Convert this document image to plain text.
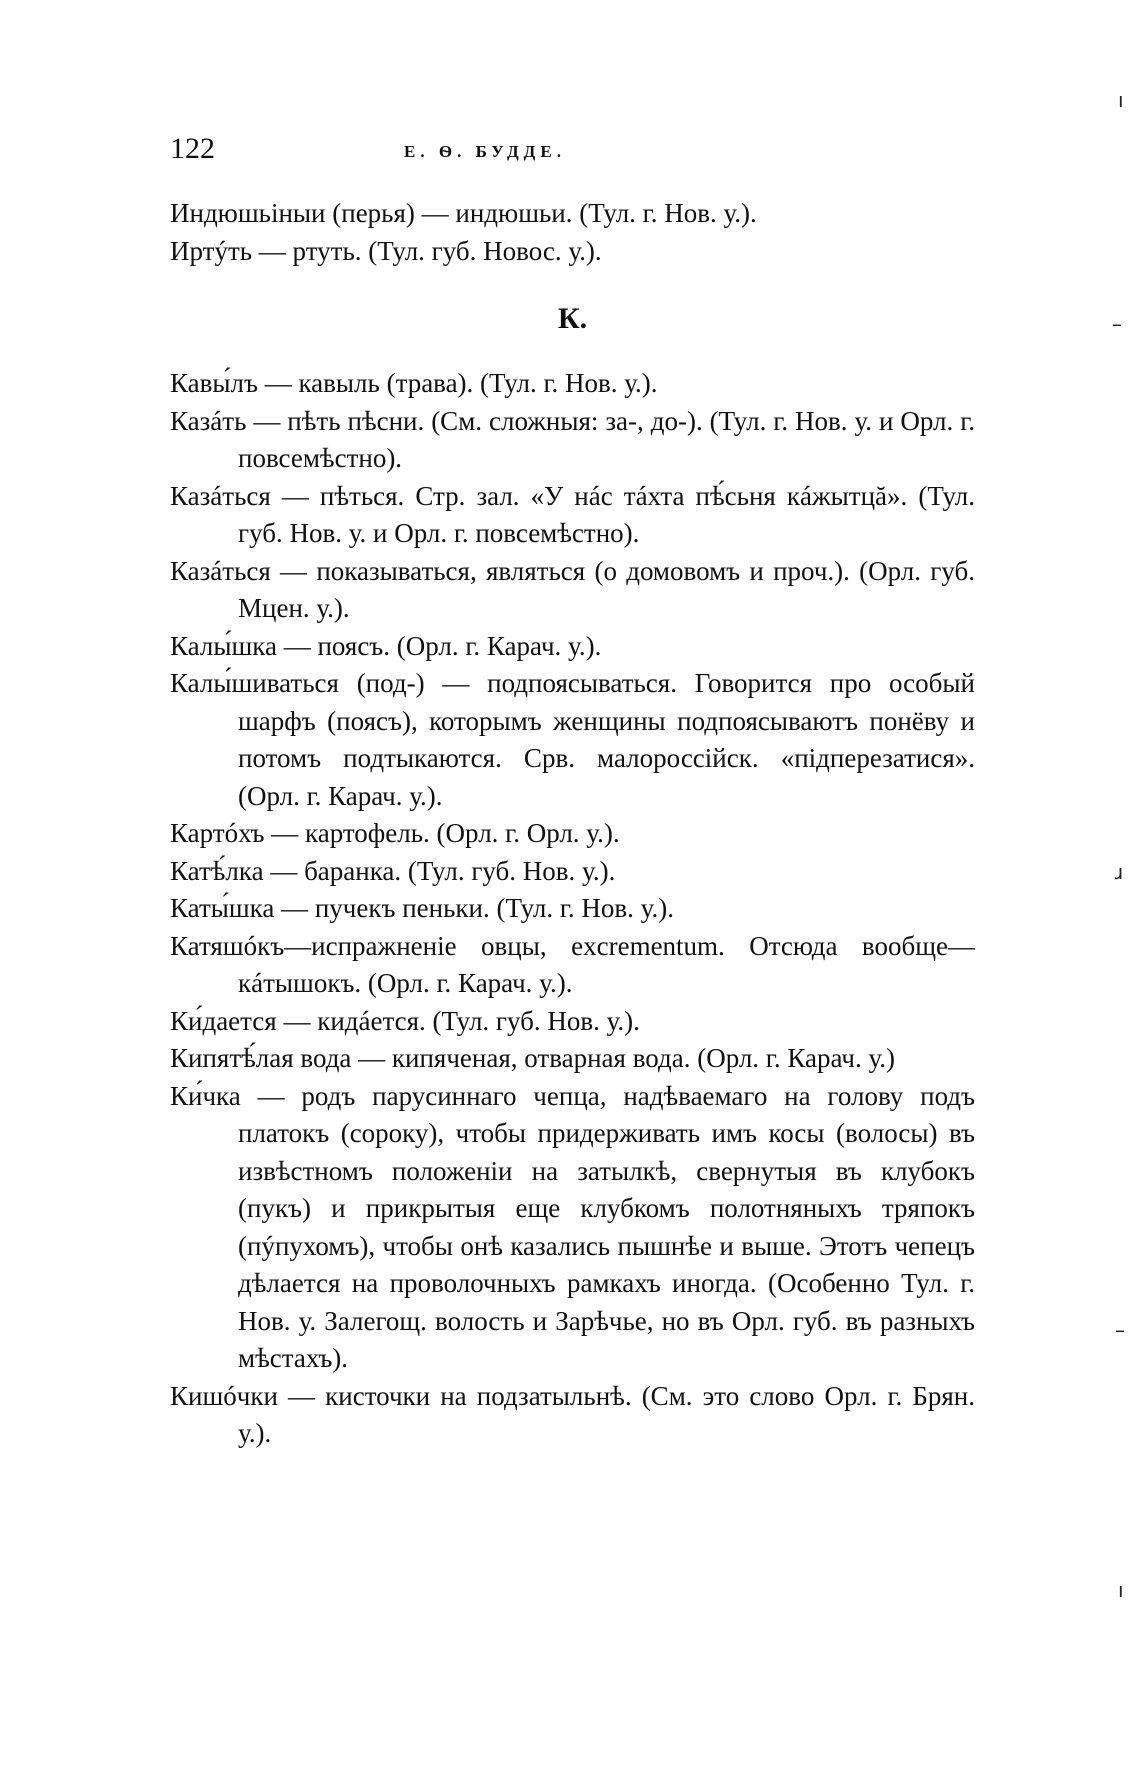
122	Е. Ѳ. БУДДЕ.

Индюшьіныи (перья) — индюшьи. (Тул. г. Нов. у.).

Иртýть — ртуть. (Тул. губ. Новос. у.).

К.

Кавы́лъ — кавыль (трава). (Тул. г. Нов. у.).

Казáть — пѣть пѣсни. (См. сложныя: за-, до-). (Тул. г. Нов. у. и Орл. г. повсемѣстно).

Казáться — пѣться. Стр. зал. «У нáс тáхта пѣ́сьня кáжытцă». (Тул. губ. Нов. у. и Орл. г. повсемѣстно).

Казáться — показываться, являться (о домовомъ и проч.). (Орл. губ. Мцен. у.).

Калы́шка — поясъ. (Орл. г. Карач. у.).

Калы́шиваться (под-) — подпоясываться. Говорится про особый шарфъ (поясъ), которымъ женщины подпоясываютъ понёву и потомъ подтыкаются. Срв. малороссійск. «підперезатися». (Орл. г. Карач. у.).

Картóхъ — картофель. (Орл. г. Орл. у.).

Катѣ́лка — баранка. (Тул. губ. Нов. у.).

Каты́шка — пучекъ пеньки. (Тул. г. Нов. у.).

Катяшóкъ—испражненіе овцы, excrementum. Отсюда вообще— кáтышокъ. (Орл. г. Карач. у.).

Ки́дается — кидáется. (Тул. губ. Нов. у.).

Кипятѣ́лая вода — кипяченая, отварная вода. (Орл. г. Карач. у.)

Ки́чка — родъ парусиннаго чепца, надѣваемаго на голову подъ платокъ (сороку), чтобы придерживать имъ косы (волосы) въ извѣстномъ положеніи на затылкѣ, свернутыя въ клубокъ (пукъ) и прикрытыя еще клубкомъ полотняныхъ тряпокъ (пýпухомъ), чтобы онѣ казались пышнѣе и выше. Этотъ чепецъ дѣлается на проволочныхъ рамкахъ иногда. (Особенно Тул. г. Нов. у. Залегощ. волость и Зарѣчье, но въ Орл. губ. въ разныхъ мѣстахъ).

Кишóчки — кисточки на подзатыльнѣ. (См. это слово Орл. г. Брян. у.).

ı
–
ɹ
–
ı
